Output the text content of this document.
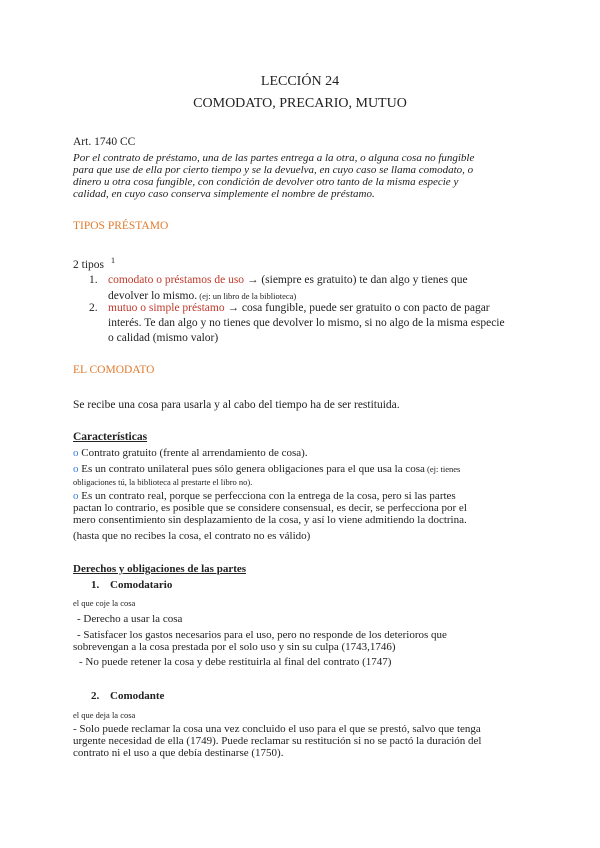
LECCIÓN 24
COMODATO, PRECARIO, MUTUO
Art. 1740 CC
Por el contrato de préstamo, una de las partes entrega a la otra, o alguna cosa no fungible
para que use de ella por cierto tiempo y se la devuelva, en cuyo caso se llama comodato, o
dinero u otra cosa fungible, con condición de devolver otro tanto de la misma especie y
calidad, en cuyo caso conserva simplemente el nombre de préstamo.
TIPOS PRÉSTAMO
2 tipos $^1$
1. comodato o préstamos de uso → (siempre es gratuito) te dan algo y tienes que
devolver lo mismo. (ej: un libro de la biblioteca)
2. mutuo o simple préstamo → cosa fungible, puede ser gratuito o con pacto de pagar
interés. Te dan algo y no tienes que devolver lo mismo, si no algo de la misma especie
o calidad (mismo valor)
EL COMODATO
Se recibe una cosa para usarla y al cabo del tiempo ha de ser restituida.
Características
o Contrato gratuito (frente al arrendamiento de cosa).
o Es un contrato unilateral pues sólo genera obligaciones para el que usa la cosa (ej: tienes
obligaciones tú, la biblioteca al prestarte el libro no).
o Es un contrato real, porque se perfecciona con la entrega de la cosa, pero si las partes
pactan lo contrario, es posible que se considere consensual, es decir, se perfecciona por el
mero consentimiento sin desplazamiento de la cosa, y así lo viene admitiendo la doctrina.
(hasta que no recibes la cosa, el contrato no es válido)
Derechos y obligaciones de las partes
1. Comodatario
el que coje la cosa
- Derecho a usar la cosa
- Satisfacer los gastos necesarios para el uso, pero no responde de los deterioros que
sobrevengan a la cosa prestada por el solo uso y sin su culpa (1743,1746)
- No puede retener la cosa y debe restituirla al final del contrato (1747)
2. Comodante
el que deja la cosa
- Solo puede reclamar la cosa una vez concluido el uso para el que se prestó, salvo que tenga
urgente necesidad de ella (1749). Puede reclamar su restitución si no se pactó la duración del
contrato ni el uso a que debía destinarse (1750).
